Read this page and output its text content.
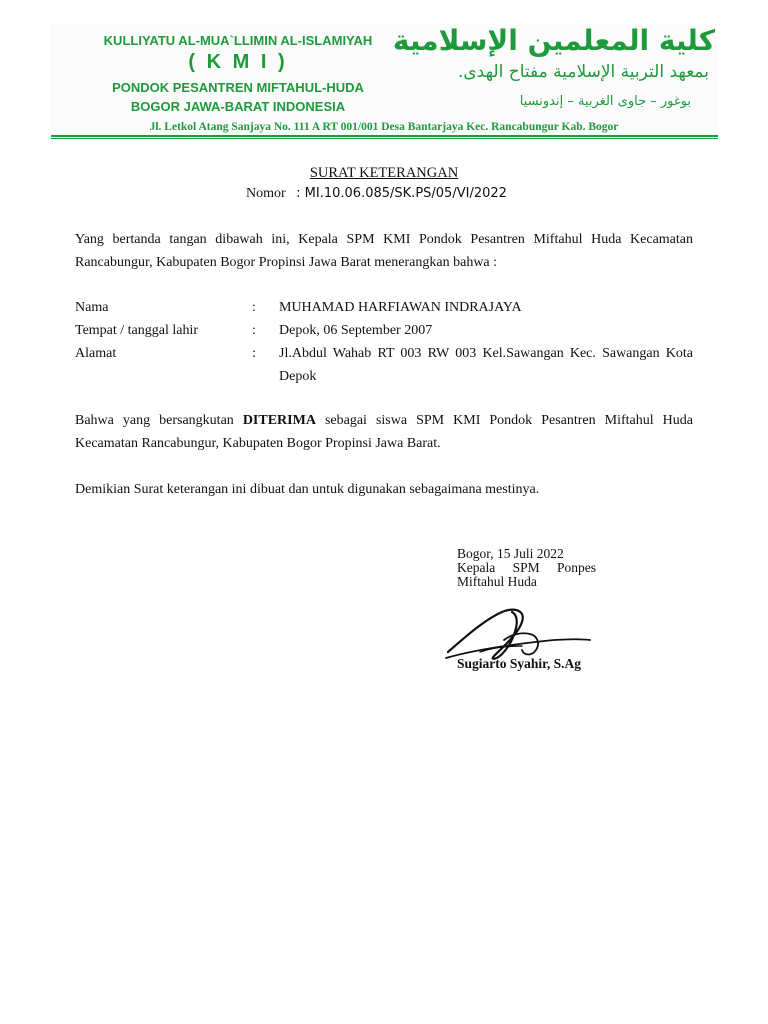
KULLIYATU AL-MUA`LLIMIN AL-ISLAMIYAH
( K M I )
PONDOK PESANTREN MIFTAHUL-HUDA
BOGOR JAWA-BARAT INDONESIA
كلية المعلمين الإسلامية
بمعهد التربية الإسلامية مفتاح الهدى.
بوغور – جاوى الغربية – إندونسيا
Jl. Letkol Atang Sanjaya No. 111 A RT 001/001 Desa Bantarjaya Kec. Rancabungur Kab. Bogor
SURAT KETERANGAN
Nomor : MI.10.06.085/SK.PS/05/VI/2022
Yang bertanda tangan dibawah ini, Kepala SPM KMI Pondok Pesantren Miftahul Huda Kecamatan Rancabungur, Kabupaten Bogor Propinsi Jawa Barat menerangkan bahwa :
Nama	: MUHAMAD HARFIAWAN INDRAJAYA
Tempat / tanggal lahir	: Depok, 06 September 2007
Alamat	: Jl.Abdul Wahab RT 003 RW 003 Kel.Sawangan Kec. Sawangan Kota Depok
Bahwa yang bersangkutan DITERIMA sebagai siswa SPM KMI Pondok Pesantren Miftahul Huda Kecamatan Rancabungur, Kabupaten Bogor Propinsi Jawa Barat.
Demikian Surat keterangan ini dibuat dan untuk digunakan sebagaimana mestinya.
Bogor, 15 Juli 2022
Kepala SPM Ponpes
Miftahul Huda
Sugiarto Syahir, S.Ag
